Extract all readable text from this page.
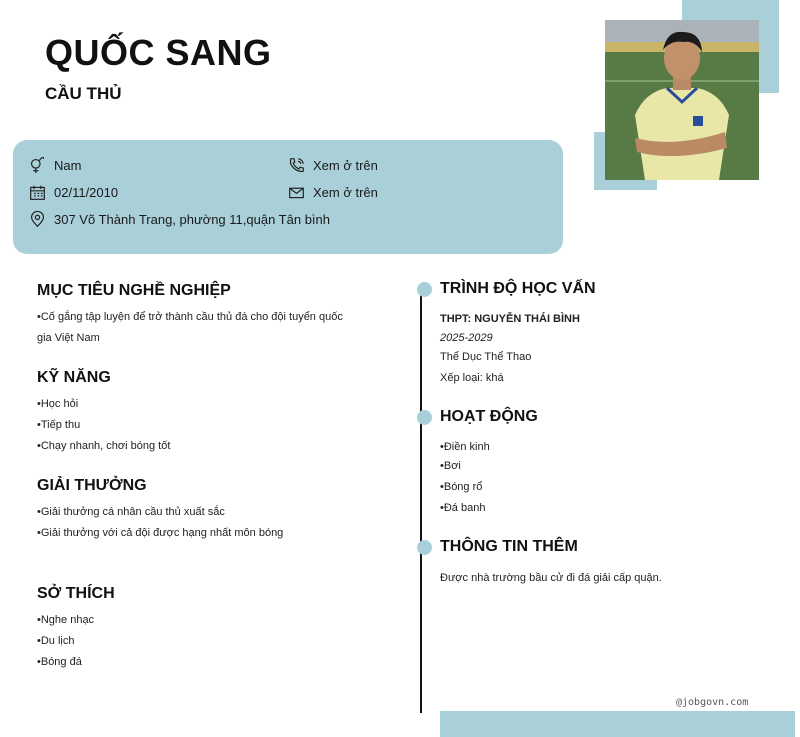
QUỐC SANG
CẦU THỦ
Nam	Xem ở trên
02/11/2010	Xem ở trên
307 Võ Thành Trang, phường 11,quận Tân bình
MỤC TIÊU NGHỀ NGHIỆP
•Cố gắng tập luyện để trở thành cầu thủ đá cho đội tuyển quốc
gia Việt Nam
KỸ NĂNG
•Học hỏi
•Tiếp thu
•Chạy nhanh, chơi bóng tốt
GIẢI THƯỞNG
•Giải thưởng cá nhân cầu thủ xuất sắc
•Giải thưởng với cả đội được hạng nhất môn bóng
SỞ THÍCH
•Nghe nhạc
•Du lịch
•Bóng đá
TRÌNH ĐỘ HỌC VẤN
THPT: NGUYỄN THÁI BÌNH
2025-2029
Thể Dục Thể Thao
Xếp loại: khá
HOẠT ĐỘNG
•Điền kinh
•Bơi
•Bóng rổ
•Đá banh
THÔNG TIN THÊM
Được nhà trường bầu cử đi đá giải cấp quận.
@jobgovn.com
